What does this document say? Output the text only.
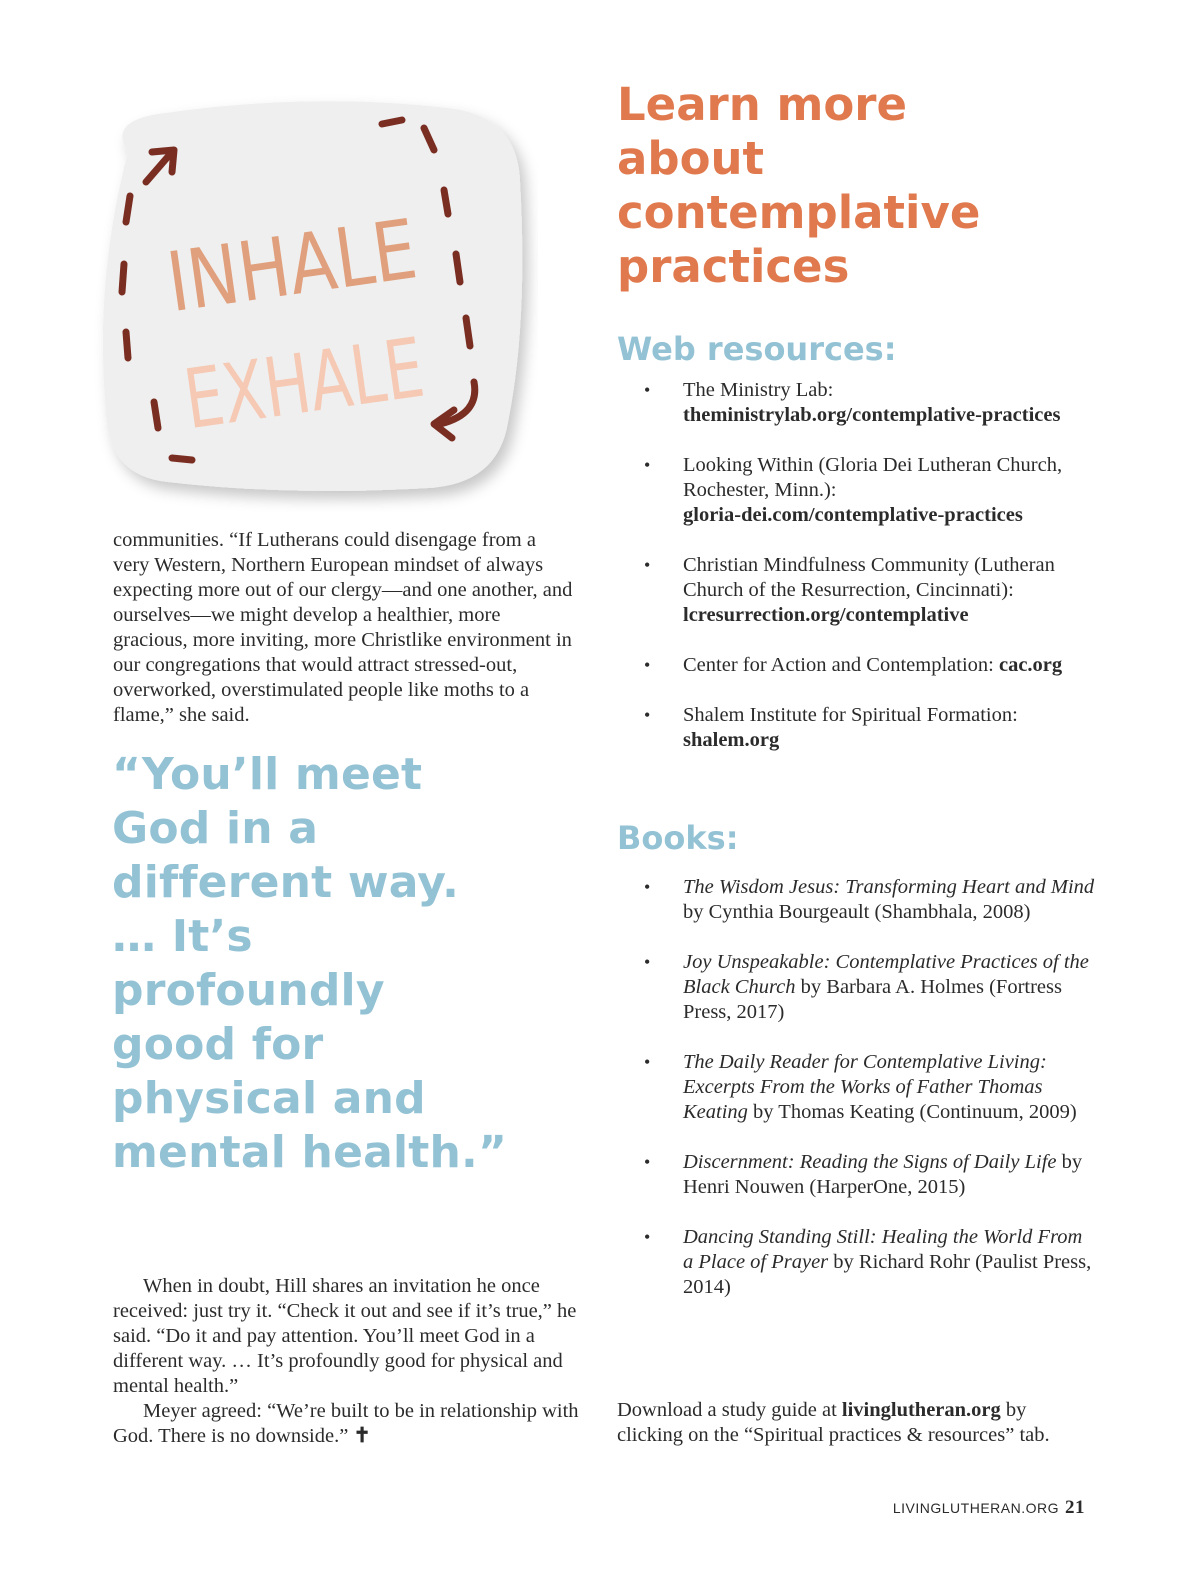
INHALE
EXHALE

communities. “If Lutherans could disengage from a very Western, Northern European mindset of always expecting more out of our clergy—and one another, and ourselves—we might develop a healthier, more gracious, more inviting, more Christlike environment in our congregations that would attract stressed-out, overworked, overstimulated people like moths to a flame,” she said.

“You’ll meet God in a different way. … It’s profoundly good for physical and mental health.”

When in doubt, Hill shares an invitation he once received: just try it. “Check it out and see if it’s true,” he said. “Do it and pay attention. You’ll meet God in a different way. … It’s profoundly good for physical and mental health.”

Meyer agreed: “We’re built to be in relationship with God. There is no downside.” ✝

Learn more about contemplative practices
Web resources:
• The Ministry Lab:
theministrylab.org/contemplative-practices
• Looking Within (Gloria Dei Lutheran Church, Rochester, Minn.):
gloria-dei.com/contemplative-practices
• Christian Mindfulness Community (Lutheran Church of the Resurrection, Cincinnati):
lcresurrection.org/contemplative
• Center for Action and Contemplation: cac.org
• Shalem Institute for Spiritual Formation:
shalem.org
Books:
• The Wisdom Jesus: Transforming Heart and Mind by Cynthia Bourgeault (Shambhala, 2008)
• Joy Unspeakable: Contemplative Practices of the Black Church by Barbara A. Holmes (Fortress Press, 2017)
• The Daily Reader for Contemplative Living: Excerpts From the Works of Father Thomas Keating by Thomas Keating (Continuum, 2009)
• Discernment: Reading the Signs of Daily Life by Henri Nouwen (HarperOne, 2015)
• Dancing Standing Still: Healing the World From a Place of Prayer by Richard Rohr (Paulist Press, 2014)

Download a study guide at livinglutheran.org by clicking on the “Spiritual practices & resources” tab.

LIVINGLUTHERAN.ORG 21
